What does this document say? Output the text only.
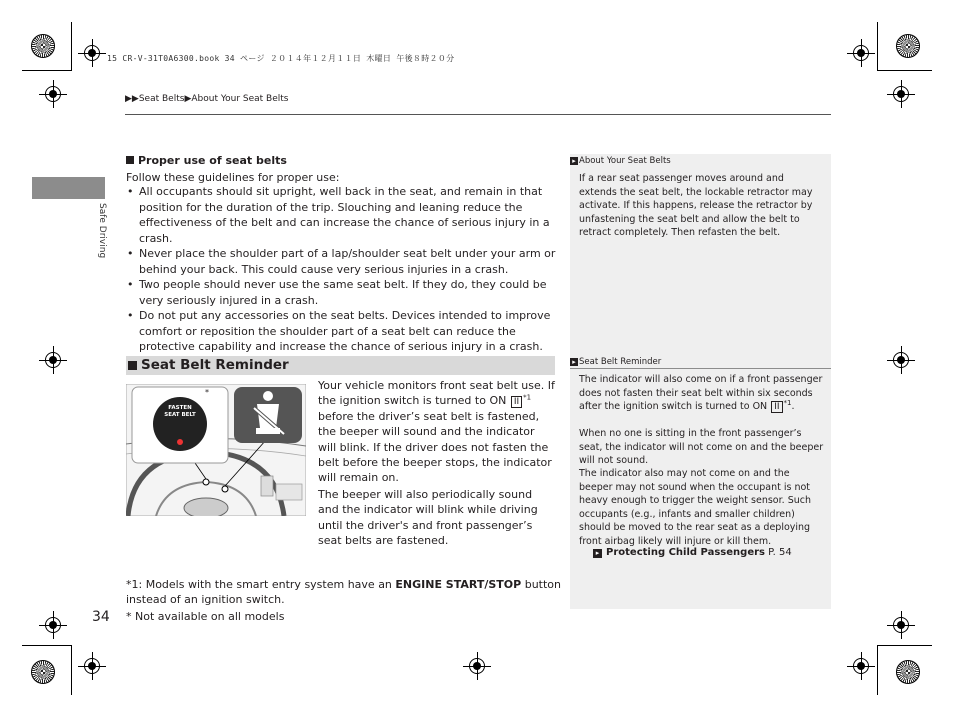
15 CR-V-31T0A6300.book 34 ページ ２０１４年１２月１１日 木曜日 午後８時２０分
▶▶Seat Belts▶About Your Seat Belts
Safe Driving
Proper use of seat belts
Follow these guidelines for proper use:
• All occupants should sit upright, well back in the seat, and remain in that position for the duration of the trip. Slouching and leaning reduce the effectiveness of the belt and can increase the chance of serious injury in a crash.
• Never place the shoulder part of a lap/shoulder seat belt under your arm or behind your back. This could cause very serious injuries in a crash.
• Two people should never use the same seat belt. If they do, they could be very seriously injured in a crash.
• Do not put any accessories on the seat belts. Devices intended to improve comfort or reposition the shoulder part of a seat belt can reduce the protective capability and increase the chance of serious injury in a crash.
Seat Belt Reminder
FASTEN
SEAT BELT
*
Your vehicle monitors front seat belt use. If the ignition switch is turned to ON II $^{*1}$ before the driver’s seat belt is fastened, the beeper will sound and the indicator will blink. If the driver does not fasten the belt before the beeper stops, the indicator will remain on.
The beeper will also periodically sound and the indicator will blink while driving until the driver's and front passenger’s seat belts are fastened.
*1: Models with the smart entry system have an ENGINE START/STOP button instead of an ignition switch.
* Not available on all models
34
▸ About Your Seat Belts
If a rear seat passenger moves around and extends the seat belt, the lockable retractor may activate. If this happens, release the retractor by unfastening the seat belt and allow the belt to retract completely. Then refasten the belt.
▸ Seat Belt Reminder
The indicator will also come on if a front passenger does not fasten their seat belt within six seconds after the ignition switch is turned to ON II $^{*1}$.
When no one is sitting in the front passenger’s seat, the indicator will not come on and the beeper will not sound.
The indicator also may not come on and the beeper may not sound when the occupant is not heavy enough to trigger the weight sensor. Such occupants (e.g., infants and smaller children) should be moved to the rear seat as a deploying front airbag likely will injure or kill them.
▸ Protecting Child Passengers P. 54
